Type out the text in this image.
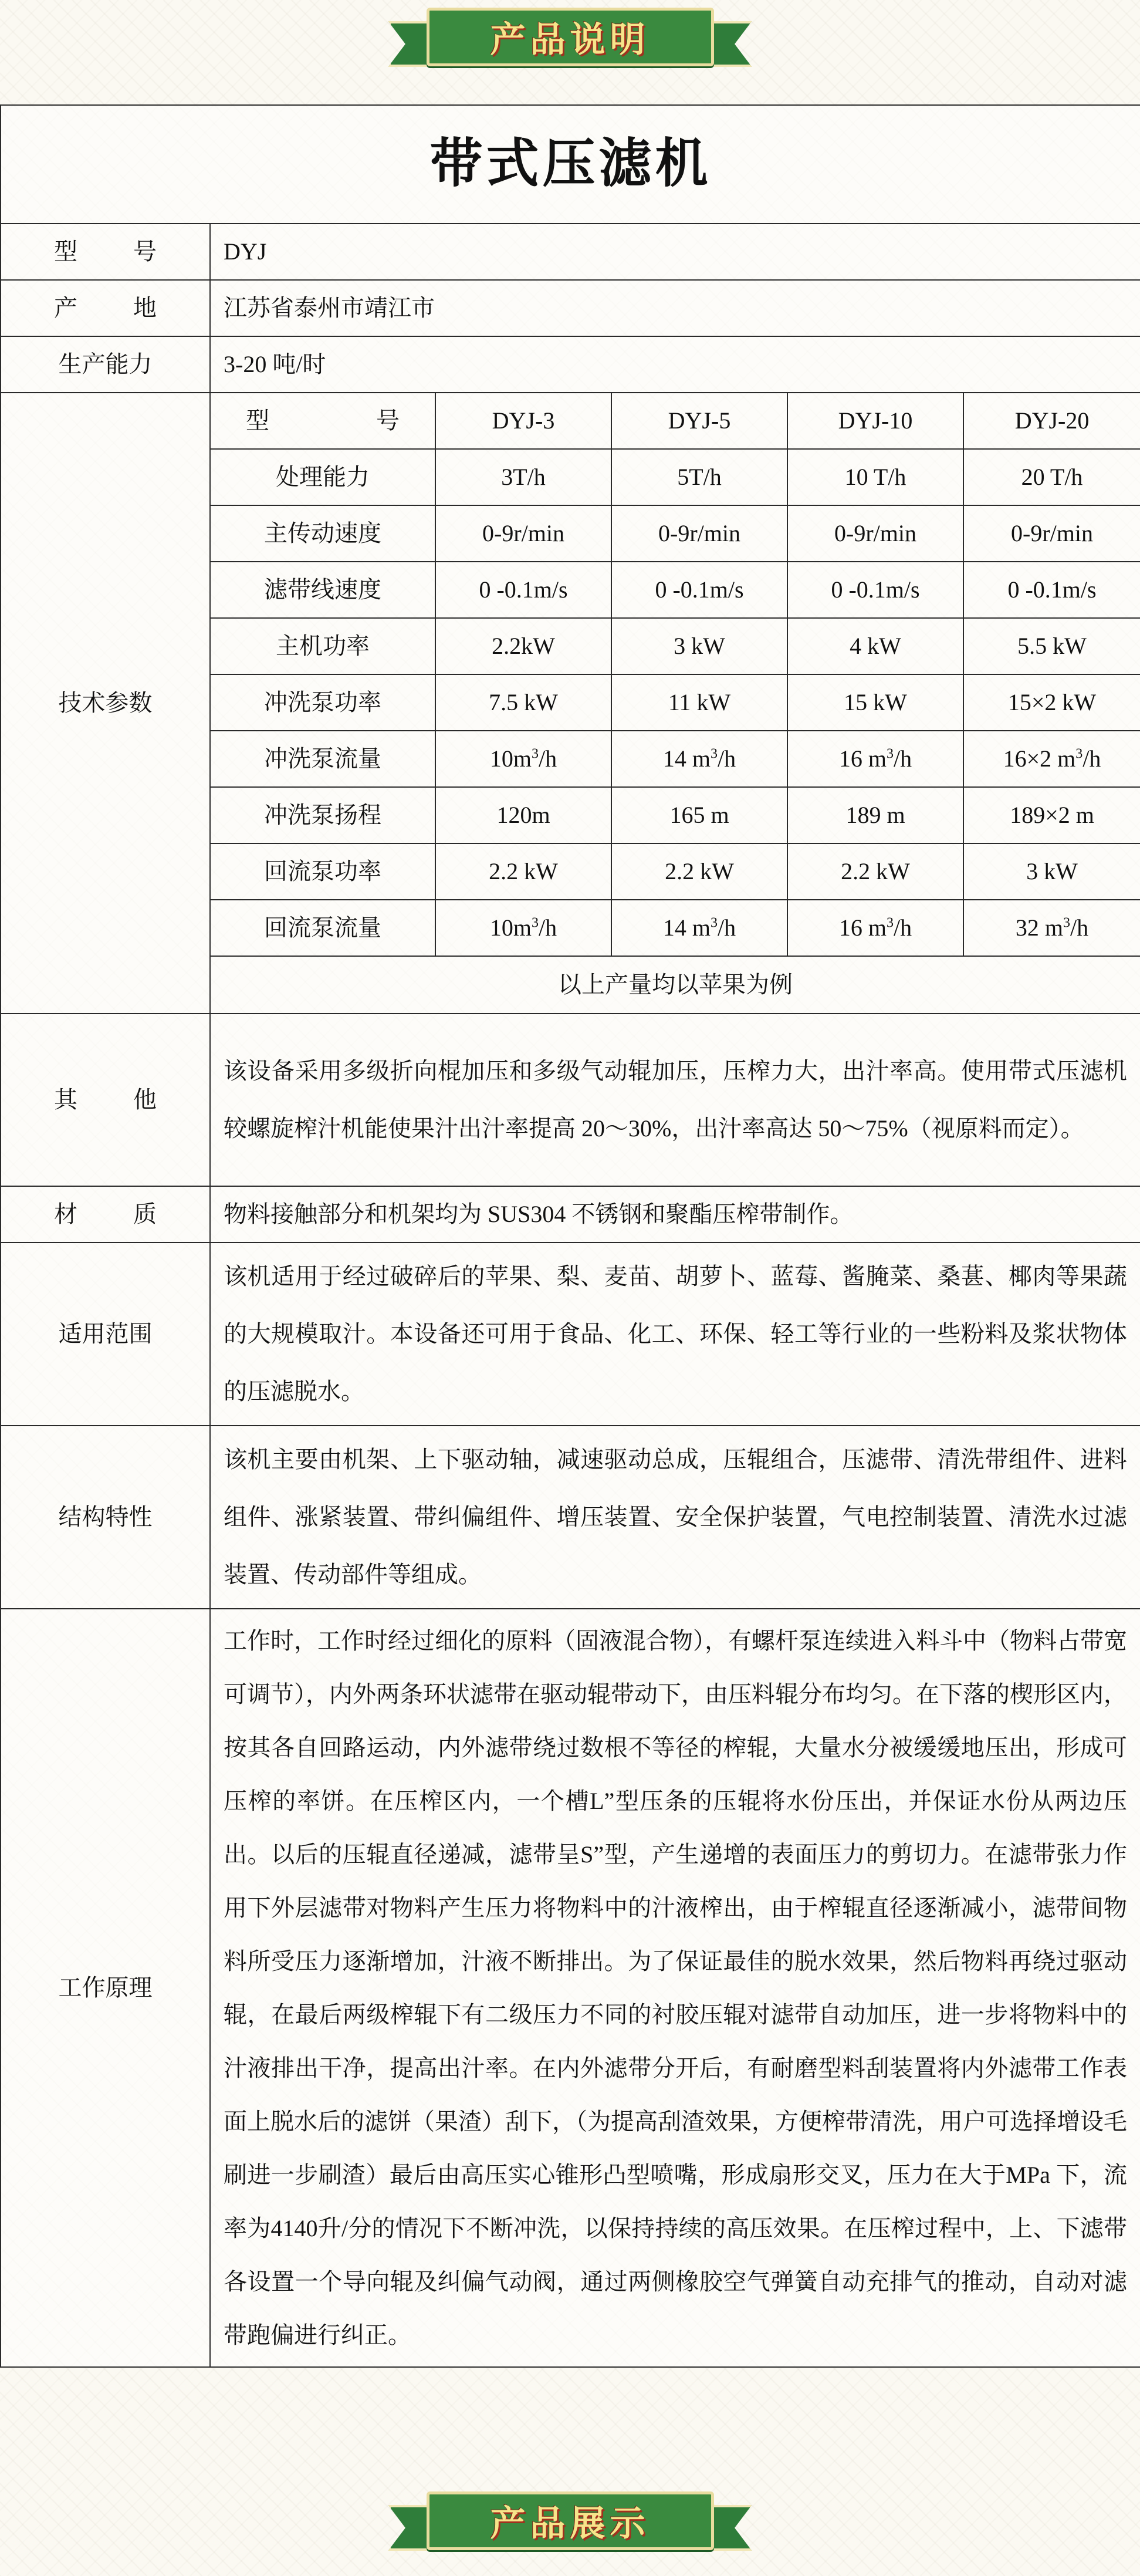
产品说明
带式压滤机					
型　　号	DYJ				
产　　地	江苏省泰州市靖江市				
生产能力	3-20 吨/时				
技术参数	型　　号	DYJ-3	DYJ-5	DYJ-10	DYJ-20
	处理能力	3T/h	5T/h	10 T/h	20 T/h
	主传动速度	0-9r/min	0-9r/min	0-9r/min	0-9r/min
	滤带线速度	0 -0.1m/s	0 -0.1m/s	0 -0.1m/s	0 -0.1m/s
	主机功率	2.2kW	3 kW	4 kW	5.5 kW
	冲洗泵功率	7.5 kW	11 kW	15 kW	15×2 kW
	冲洗泵流量	$10m^3/h$	14 $m^3/h$	16 $m^3/h$	16×2 $m^3/h$
	冲洗泵扬程	120m	165 m	189 m	189×2 m
	回流泵功率	2.2 kW	2.2 kW	2.2 kW	3 kW
	回流泵流量	$10m^3/h$	14 $m^3/h$	16 $m^3/h$	32 $m^3/h$
	以上产量均以苹果为例				
其　　他	该设备采用多级折向棍加压和多级气动辊加压，压榨力大，出汁率高。使用带式压滤机较螺旋榨汁机能使果汁出汁率提高 20～30%，出汁率高达 50～75%（视原料而定）。				
材　　质	物料接触部分和机架均为 SUS304 不锈钢和聚酯压榨带制作。				
适用范围	该机适用于经过破碎后的苹果、梨、麦苗、胡萝卜、蓝莓、酱腌菜、桑葚、椰肉等果蔬的大规模取汁。本设备还可用于食品、化工、环保、轻工等行业的一些粉料及浆状物体的压滤脱水。				
结构特性	该机主要由机架、上下驱动轴，减速驱动总成，压辊组合，压滤带、清洗带组件、进料组件、涨紧装置、带纠偏组件、增压装置、安全保护装置，气电控制装置、清洗水过滤装置、传动部件等组成。				
工作原理	工作时，工作时经过细化的原料（固液混合物），有螺杆泵连续进入料斗中（物料占带宽可调节），内外两条环状滤带在驱动辊带动下，由压料辊分布均匀。在下落的楔形区内，按其各自回路运动，内外滤带绕过数根不等径的榨辊，大量水分被缓缓地压出，形成可压榨的率饼。在压榨区内，一个槽L”型压条的压辊将水份压出，并保证水份从两边压出。以后的压辊直径递减，滤带呈S”型，产生递增的表面压力的剪切力。在滤带张力作用下外层滤带对物料产生压力将物料中的汁液榨出，由于榨辊直径逐渐减小，滤带间物料所受压力逐渐增加，汁液不断排出。为了保证最佳的脱水效果，然后物料再绕过驱动辊，在最后两级榨辊下有二级压力不同的衬胶压辊对滤带自动加压，进一步将物料中的汁液排出干净，提高出汁率。在内外滤带分开后，有耐磨型料刮装置将内外滤带工作表面上脱水后的滤饼（果渣）刮下，（为提高刮渣效果，方便榨带清洗，用户可选择增设毛刷进一步刷渣）最后由高压实心锥形凸型喷嘴，形成扇形交叉，压力在大于MPa 下，流率为4140升/分的情况下不断冲洗，以保持持续的高压效果。在压榨过程中，上、下滤带各设置一个导向辊及纠偏气动阀，通过两侧橡胶空气弹簧自动充排气的推动，自动对滤带跑偏进行纠正。				
产品展示
